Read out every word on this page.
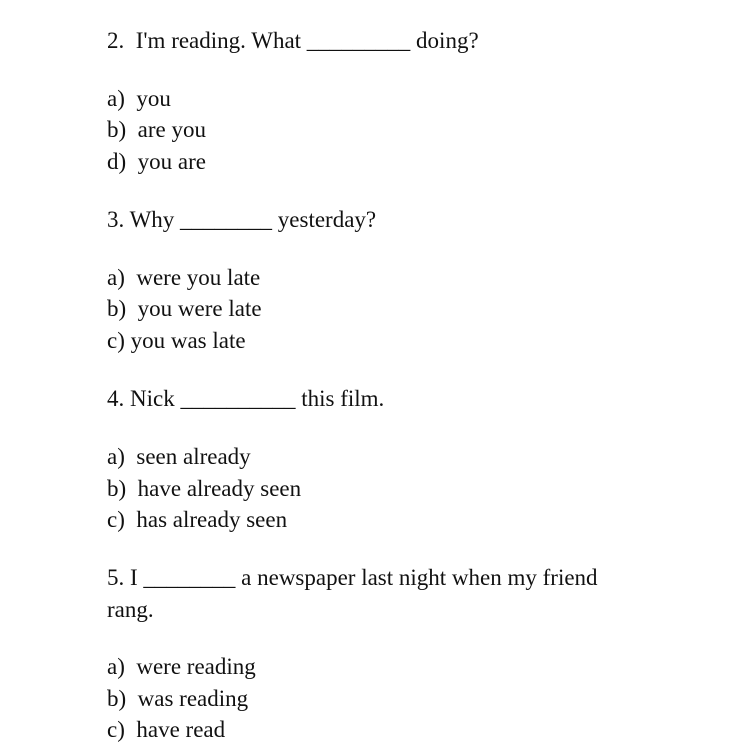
2.  I'm reading. What _________ doing?
a)  you
b)  are you
d)  you are
3. Why ________ yesterday?
a)  were you late
b)  you were late
c) you was late
4. Nick __________ this film.
a)  seen already
b)  have already seen
c)  has already seen
5. I ________ a newspaper last night when my friend
rang.
a)  were reading
b)  was reading
c)  have read
